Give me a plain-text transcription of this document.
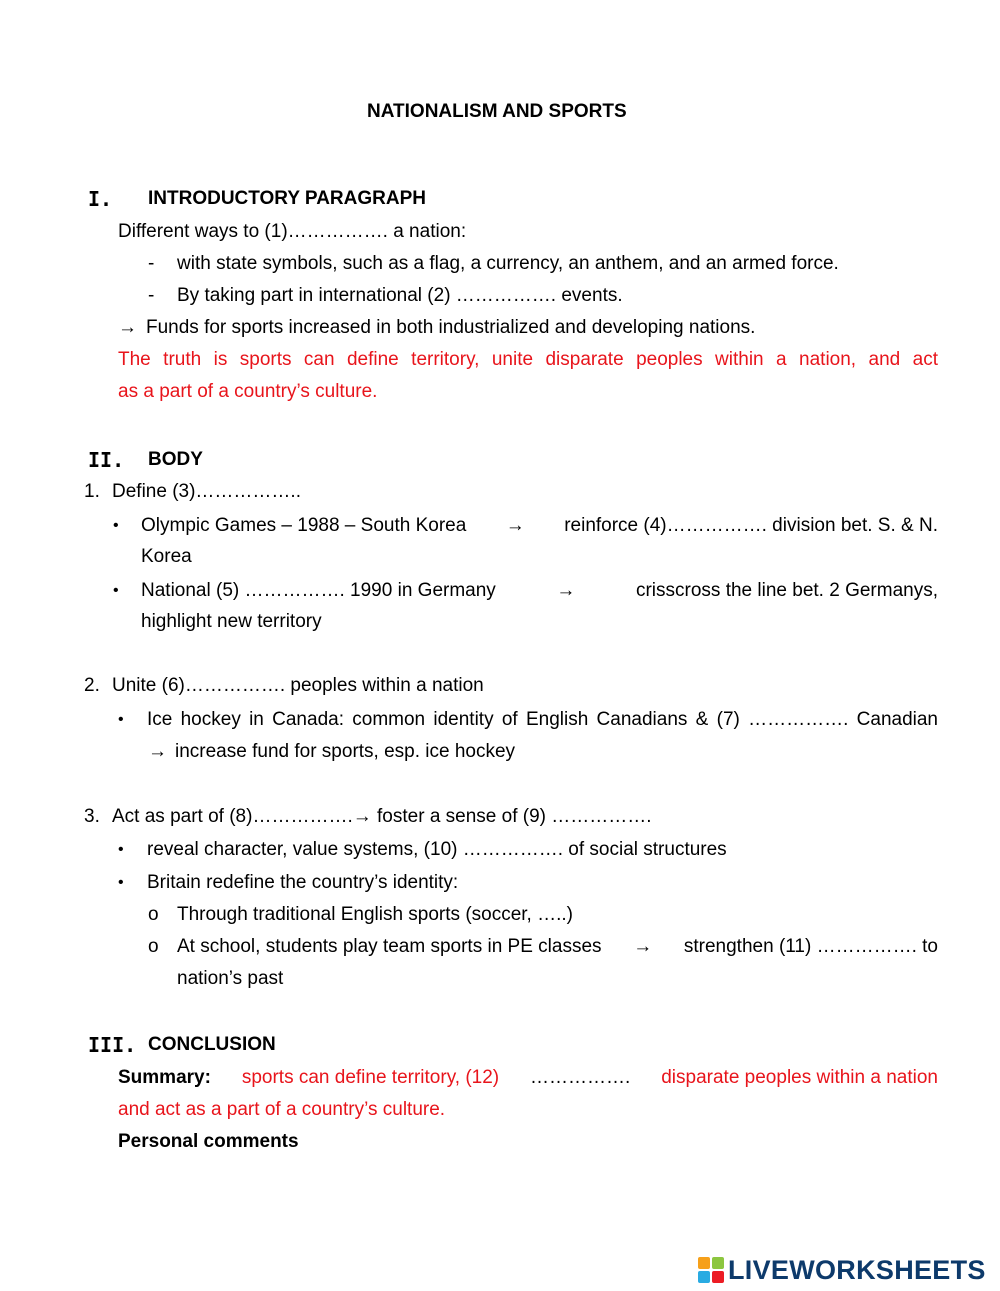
NATIONALISM AND SPORTS
I. INTRODUCTORY PARAGRAPH
Different ways to (1)……………. a nation:
- with state symbols, such as a flag, a currency, an anthem, and an armed force.
- By taking part in international (2) ……………. events.
→ Funds for sports increased in both industrialized and developing nations.
The truth is sports can define territory, unite disparate peoples within a nation, and act
as a part of a country’s culture.
II. BODY
1. Define (3)……………..
• Olympic Games – 1988 – South Korea → reinforce (4)……………. division bet. S. & N.
Korea
• National (5) ……………. 1990 in Germany	→	crisscross the line bet. 2 Germanys,
highlight new territory
2. Unite (6)……………. peoples within a nation
• Ice hockey in Canada: common identity of English Canadians & (7) ……………. Canadian
→ increase fund for sports, esp. ice hockey
3. Act as part of (8)…………….→ foster a sense of (9) …………….
• reveal character, value systems, (10) ……………. of social structures
• Britain redefine the country’s identity:
o Through traditional English sports (soccer, …..)
o At school, students play team sports in PE classes → strengthen (11) ……………. to
nation’s past
III. CONCLUSION
Summary: sports can define territory, (12) ……………. disparate peoples within a nation
and act as a part of a country’s culture.
Personal comments
LIVEWORKSHEETS
